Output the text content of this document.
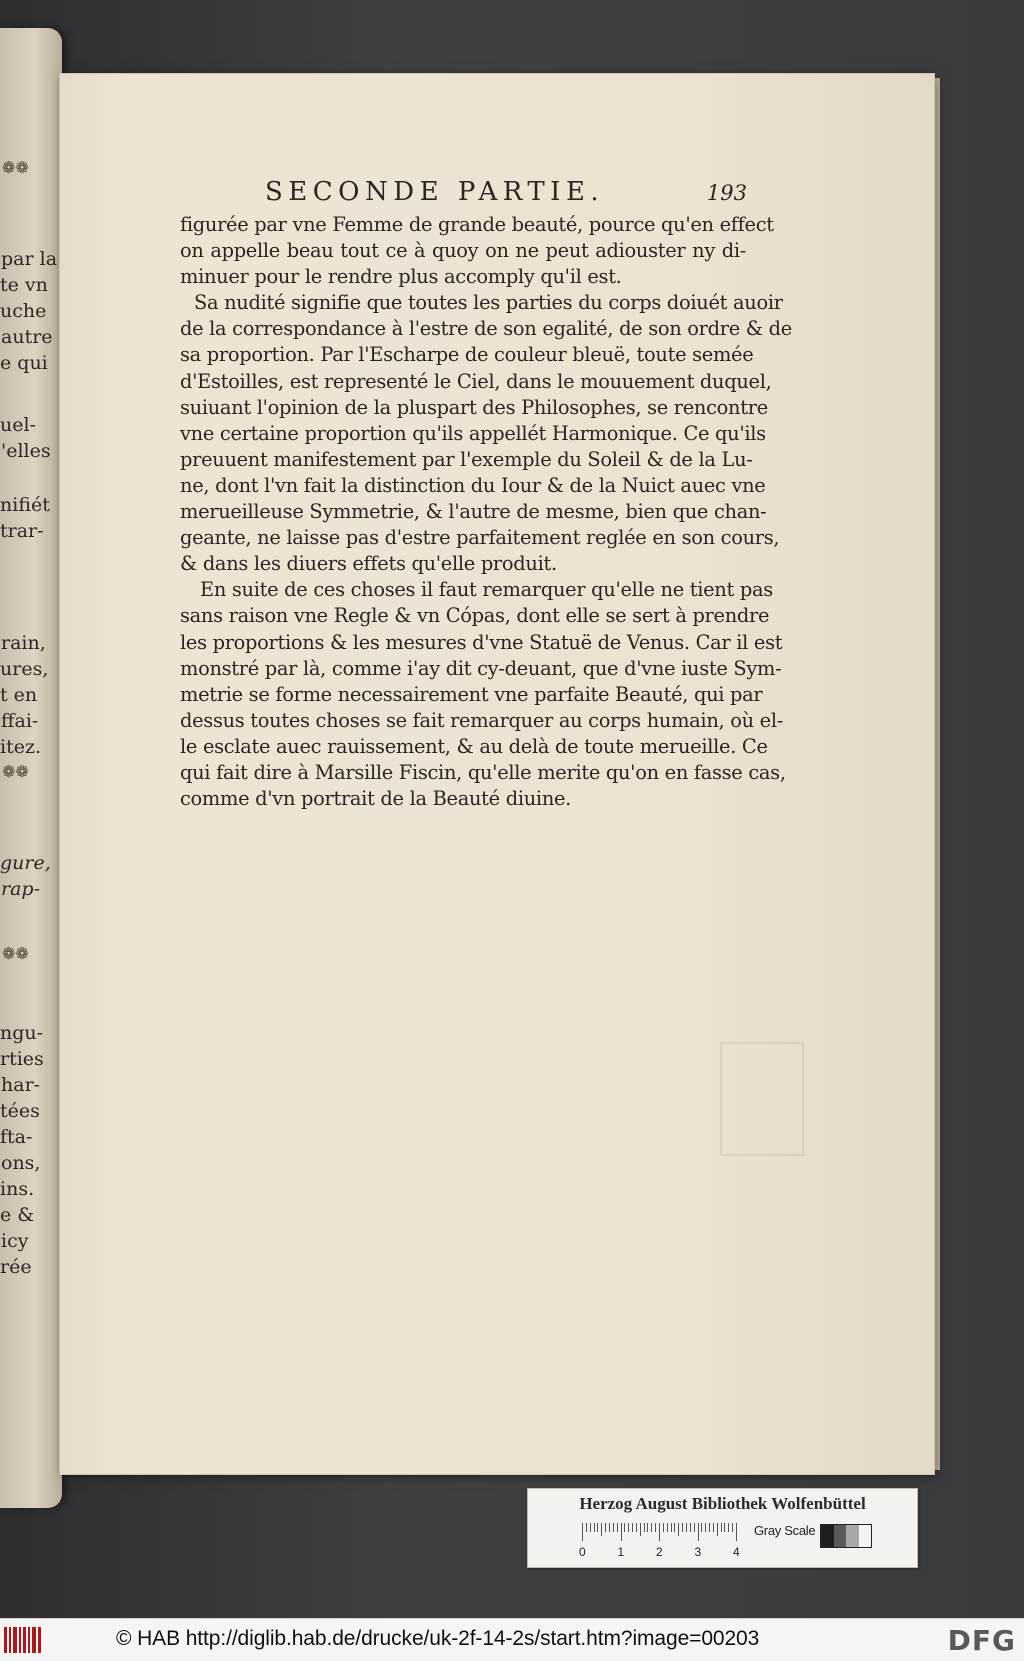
par la
te vn
uche
autre
e qui
uel-
'elles
nifiét
trar-
rain,
ures,
t en
ffai-
itez.
gure,
rap-
ngu-
rties
har-
tées
fta-
ons,
ins.
e &
icy
rée
❁❁
❁❁
❁❁
SECONDE PARTIE.	193
figurée par vne Femme de grande beauté, pource qu'en effect
on appelle beau tout ce à quoy on ne peut adiouster ny di-
minuer pour le rendre plus accomply qu'il est.
Sa nudité signifie que toutes les parties du corps doiuét auoir
de la correspondance à l'estre de son egalité, de son ordre & de
sa proportion. Par l'Escharpe de couleur bleuë, toute semée
d'Estoilles, est representé le Ciel, dans le mouuement duquel,
suiuant l'opinion de la pluspart des Philosophes, se rencontre
vne certaine proportion qu'ils appellét Harmonique. Ce qu'ils
preuuent manifestement par l'exemple du Soleil & de la Lu-
ne, dont l'vn fait la distinction du Iour & de la Nuict auec vne
merueilleuse Symmetrie, & l'autre de mesme, bien que chan-
geante, ne laisse pas d'estre parfaitement reglée en son cours,
& dans les diuers effets qu'elle produit.
En suite de ces choses il faut remarquer qu'elle ne tient pas
sans raison vne Regle & vn Cópas, dont elle se sert à prendre
les proportions & les mesures d'vne Statuë de Venus. Car il est
monstré par là, comme i'ay dit cy-deuant, que d'vne iuste Sym-
metrie se forme necessairement vne parfaite Beauté, qui par
dessus toutes choses se fait remarquer au corps humain, où el-
le esclate auec rauissement, & au delà de toute merueille. Ce
qui fait dire à Marsille Fiscin, qu'elle merite qu'on en fasse cas,
comme d'vn portrait de la Beauté diuine.
Herzog August Bibliothek Wolfenbüttel
0	1	2	3	4
Gray Scale
© HAB http://diglib.hab.de/drucke/uk-2f-14-2s/start.htm?image=00203	DFG
